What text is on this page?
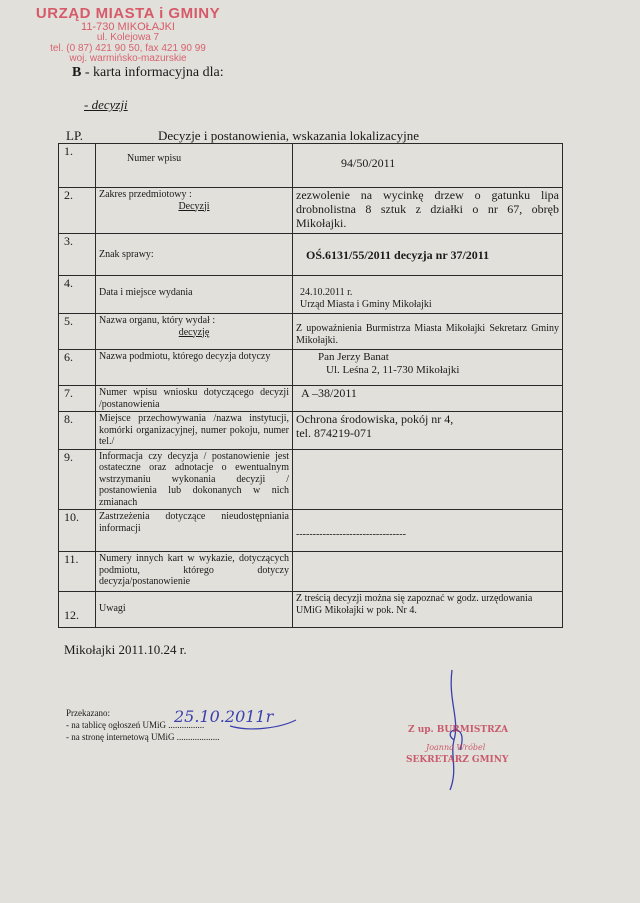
URZĄD MIASTA i GMINY
11-730 MIKOŁAJKI
ul. Kolejowa 7
tel. (0 87) 421 90 50, fax 421 90 99
woj. warmińsko-mazurskie
B - karta informacyjna dla:
- decyzji
LP.	Decyzje i postanowienia, wskazania lokalizacyjne
1.	Numer wpisu	94/50/2011

2.	Zakres przedmiotowy :
Decyzji	zezwolenie na wycinkę drzew o gatunku lipa drobnolistna 8 sztuk z działki o nr 67, obręb Mikołajki.
3.	Znak sprawy:	OŚ.6131/55/2011 decyzja nr 37/2011

4.	Data i miejsce wydania	24.10.2011 r.
Urząd Miasta i Gminy Mikołajki

5.	Nazwa organu, który wydał :
decyzję	Z upoważnienia Burmistrza Miasta Mikołajki Sekretarz Gminy Mikołajki.

6.	Nazwa podmiotu, którego decyzja dotyczy	Pan Jerzy Banat
Ul. Leśna 2, 11-730 Mikołajki

7.	Numer wpisu wniosku dotyczącego decyzji /postanowienia	A –38/2011

8.	Miejsce przechowywania /nazwa instytucji, komórki organizacyjnej, numer pokoju, numer tel./	Ochrona środowiska, pokój nr 4,
tel. 874219-071

9.	Informacja czy decyzja / postanowienie jest ostateczne oraz adnotacje o ewentualnym wstrzymaniu wykonania decyzji / postanowienia lub dokonanych w nich zmianach	
10.	Zastrzeżenia dotyczące nieudostępniania informacji	---------------------------------

11.	Numery innych kart w wykazie, dotyczących podmiotu, którego dotyczy decyzja/postanowienie	

12.	Uwagi	Z treścią decyzji można się zapoznać w godz. urzędowania UMiG Mikołajki w pok. Nr 4.
Mikołajki 2011.10.24 r.
Przekazano:
- na tablicę ogłoszeń UMiG ................
- na stronę internetową UMiG ...................
25.10.2011r
Z up. BURMISTRZA
Joanna Wróbel
SEKRETARZ GMINY
